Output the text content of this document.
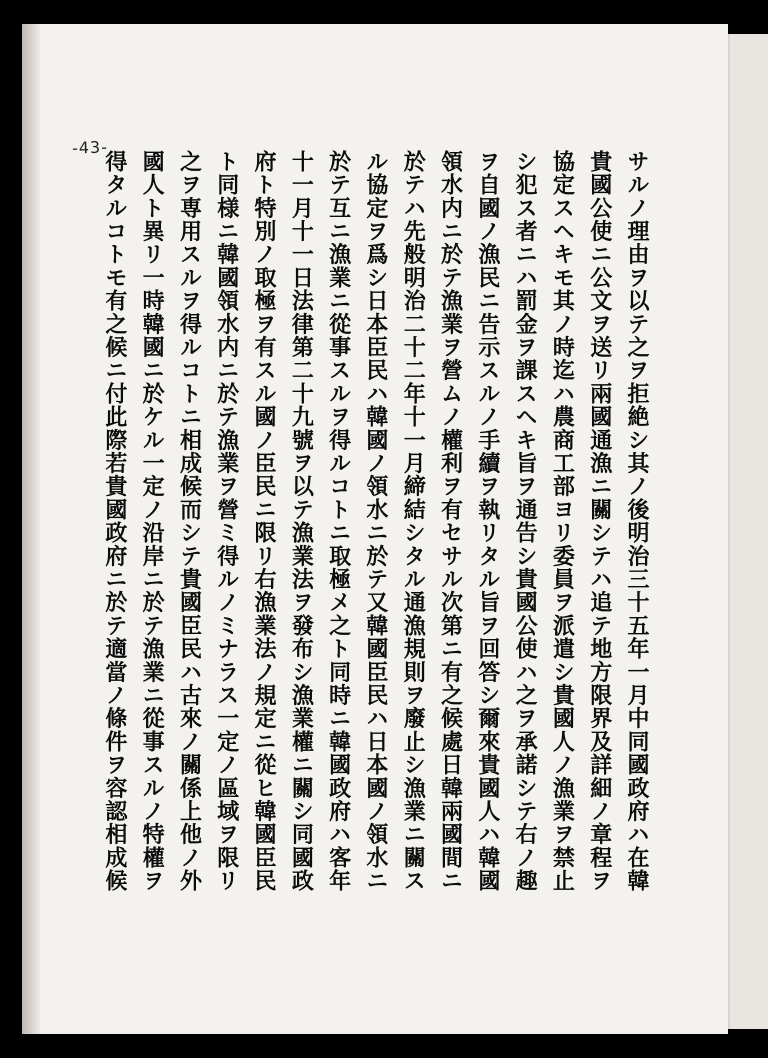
-43-
サルノ理由ヲ以テ之ヲ拒絶シ其ノ後明治三十五年一月中同國政府ハ在韓
貴國公使ニ公文ヲ送リ兩國通漁ニ關シテハ追テ地方限界及詳細ノ章程ヲ
協定スヘキモ其ノ時迄ハ農商工部ヨリ委員ヲ派遣シ貴國人ノ漁業ヲ禁止
シ犯ス者ニハ罰金ヲ課スヘキ旨ヲ通告シ貴國公使ハ之ヲ承諾シテ右ノ趣
ヲ自國ノ漁民ニ告示スルノ手續ヲ執リタル旨ヲ回答シ爾來貴國人ハ韓國
領水内ニ於テ漁業ヲ營ムノ權利ヲ有セサル次第ニ有之候處日韓兩國間ニ
於テハ先般明治二十二年十一月締結シタル通漁規則ヲ廢止シ漁業ニ關ス
ル協定ヲ爲シ日本臣民ハ韓國ノ領水ニ於テ又韓國臣民ハ日本國ノ領水ニ
於テ互ニ漁業ニ從事スルヲ得ルコトニ取極メ之ト同時ニ韓國政府ハ客年
十一月十一日法律第二十九號ヲ以テ漁業法ヲ發布シ漁業權ニ關シ同國政
府ト特別ノ取極ヲ有スル國ノ臣民ニ限リ右漁業法ノ規定ニ從ヒ韓國臣民
ト同様ニ韓國領水内ニ於テ漁業ヲ營ミ得ルノミナラス一定ノ區域ヲ限リ
之ヲ専用スルヲ得ルコトニ相成候而シテ貴國臣民ハ古來ノ關係上他ノ外
國人ト異リ一時韓國ニ於ケル一定ノ沿岸ニ於テ漁業ニ從事スルノ特權ヲ
得タルコトモ有之候ニ付此際若貴國政府ニ於テ適當ノ條件ヲ容認相成候
